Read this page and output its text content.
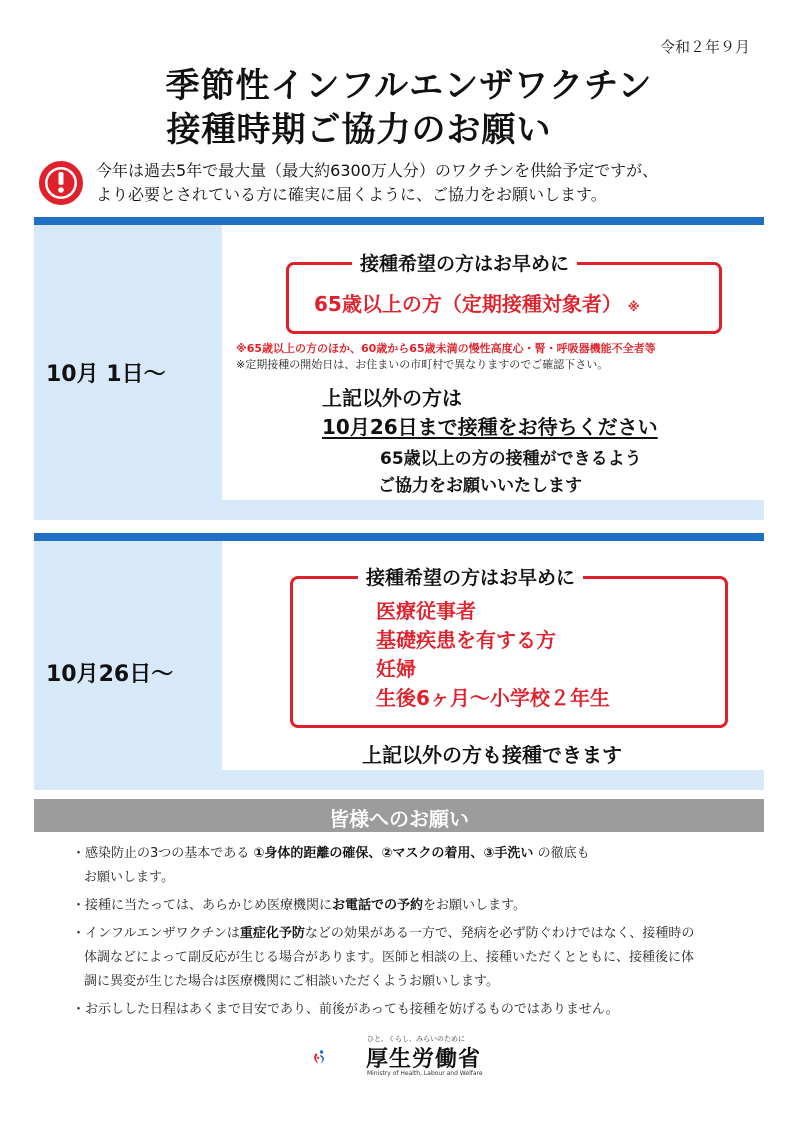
令和２年９月
季節性インフルエンザワクチン
接種時期ご協力のお願い
今年は過去5年で最大量（最大約6300万人分）のワクチンを供給予定ですが、
より必要とされている方に確実に届くように、ご協力をお願いします。
10月 1日～
接種希望の方はお早めに
65歳以上の方（定期接種対象者） ※
※65歳以上の方のほか、60歳から65歳未満の慢性高度心・腎・呼吸器機能不全者等
※定期接種の開始日は、お住まいの市町村で異なりますのでご確認下さい。
上記以外の方は
10月26日まで接種をお待ちください
65歳以上の方の接種ができるよう
ご協力をお願いいたします
10月26日～
接種希望の方はお早めに
医療従事者
基礎疾患を有する方
妊婦
生後6ヶ月～小学校２年生
上記以外の方も接種できます
皆様へのお願い

・感染防止の3つの基本である ①身体的距離の確保、②マスクの着用、③手洗い の徹底も
お願いします。

・接種に当たっては、あらかじめ医療機関にお電話での予約をお願いします。

・インフルエンザワクチンは重症化予防などの効果がある一方で、発病を必ず防ぐわけではなく、接種時の
体調などによって副反応が生じる場合があります。医師と相談の上、接種いただくとともに、接種後に体
調に異変が生じた場合は医療機関にご相談いただくようお願いします。

・お示しした日程はあくまで目安であり、前後があっても接種を妨げるものではありません。

ひと、くらし、みらいのために
厚生労働省
Ministry of Health, Labour and Welfare
